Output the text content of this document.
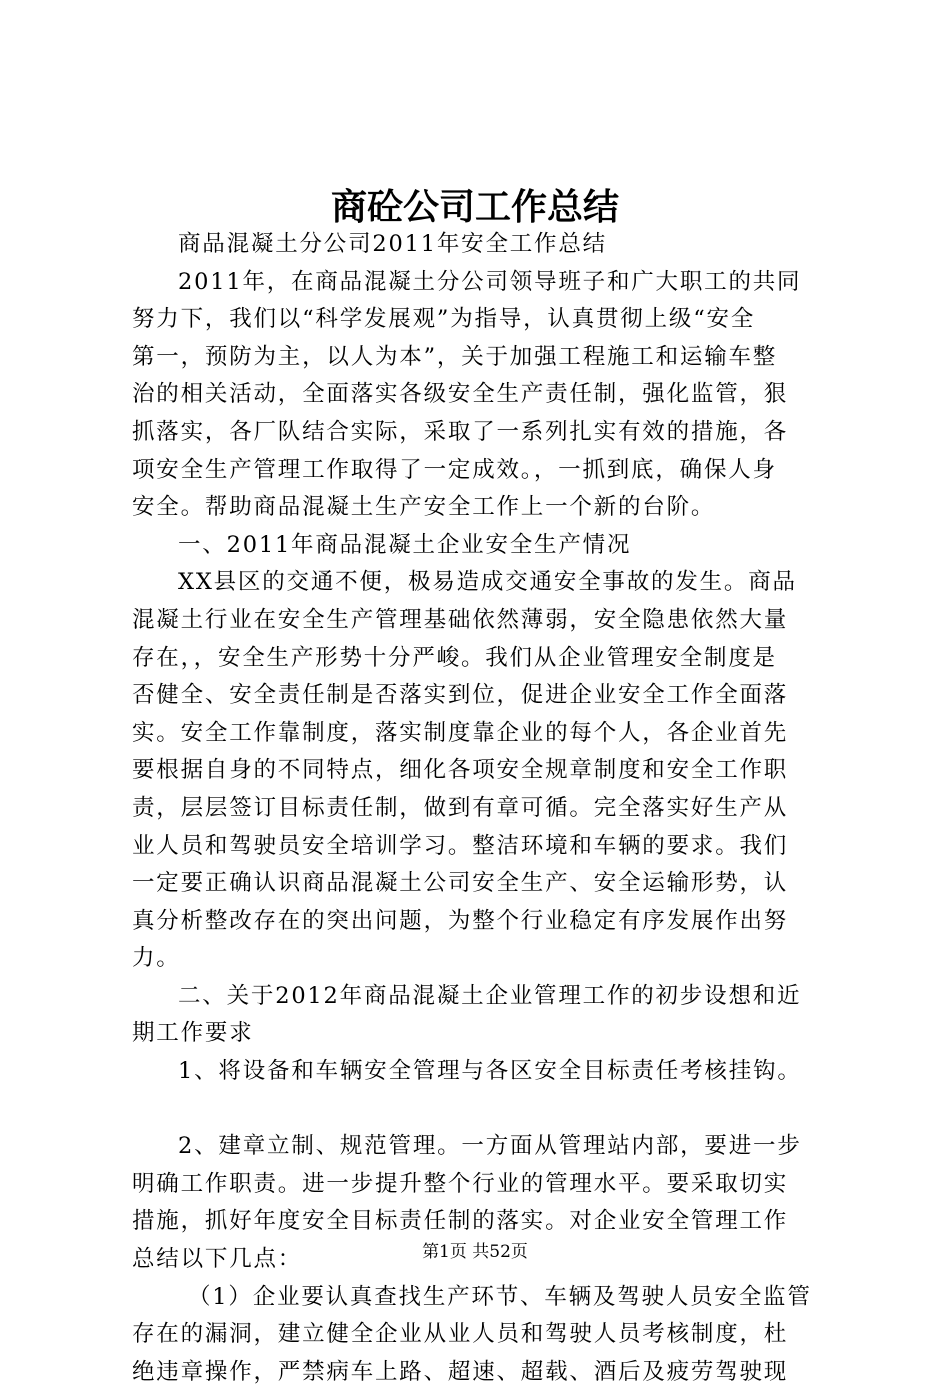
商砼公司工作总结
商品混凝土分公司2011年安全工作总结
2011年，在商品混凝土分公司领导班子和广大职工的共同
努力下，我们以“科学发展观”为指导，认真贯彻上级“安全
第一，预防为主，以人为本”，关于加强工程施工和运输车整
治的相关活动，全面落实各级安全生产责任制，强化监管，狠
抓落实，各厂队结合实际，采取了一系列扎实有效的措施，各
项安全生产管理工作取得了一定成效。，一抓到底，确保人身
安全。帮助商品混凝土生产安全工作上一个新的台阶。
一、2011年商品混凝土企业安全生产情况
XX县区的交通不便，极易造成交通安全事故的发生。商品
混凝土行业在安全生产管理基础依然薄弱，安全隐患依然大量
存在，，安全生产形势十分严峻。我们从企业管理安全制度是
否健全、安全责任制是否落实到位，促进企业安全工作全面落
实。安全工作靠制度，落实制度靠企业的每个人，各企业首先
要根据自身的不同特点，细化各项安全规章制度和安全工作职
责，层层签订目标责任制，做到有章可循。完全落实好生产从
业人员和驾驶员安全培训学习。整洁环境和车辆的要求。我们
一定要正确认识商品混凝土公司安全生产、安全运输形势，认
真分析整改存在的突出问题，为整个行业稳定有序发展作出努
力。
二、关于2012年商品混凝土企业管理工作的初步设想和近
期工作要求
1、将设备和车辆安全管理与各区安全目标责任考核挂钩。
2、建章立制、规范管理。一方面从管理站内部，要进一步
明确工作职责。进一步提升整个行业的管理水平。要采取切实
措施，抓好年度安全目标责任制的落实。对企业安全管理工作
总结以下几点：
（1）企业要认真查找生产环节、车辆及驾驶人员安全监管
存在的漏洞，建立健全企业从业人员和驾驶人员考核制度，杜
绝违章操作，严禁病车上路、超速、超载、酒后及疲劳驾驶现
第1页 共52页
